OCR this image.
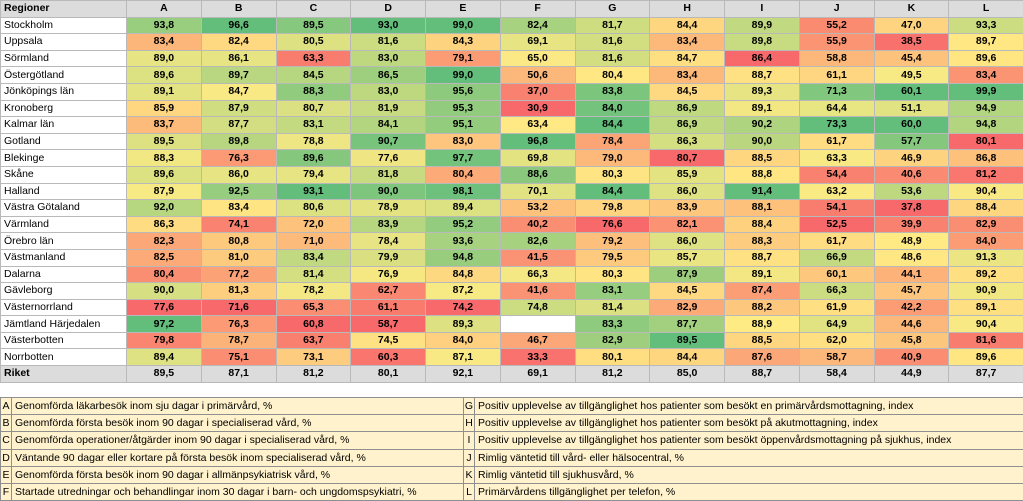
Regioner	A	B	C	D	E	F	G	H	I	J	K	L
Stockholm	93,8	96,6	89,5	93,0	99,0	82,4	81,7	84,4	89,9	55,2	47,0	93,3
Uppsala	83,4	82,4	80,5	81,6	84,3	69,1	81,6	83,4	89,8	55,9	38,5	89,7
Sörmland	89,0	86,1	63,3	83,0	79,1	65,0	81,6	84,7	86,4	58,8	45,4	89,6
Östergötland	89,6	89,7	84,5	86,5	99,0	50,6	80,4	83,4	88,7	61,1	49,5	83,4
Jönköpings län	89,1	84,7	88,3	83,0	95,6	37,0	83,8	84,5	89,3	71,3	60,1	99,9
Kronoberg	85,9	87,9	80,7	81,9	95,3	30,9	84,0	86,9	89,1	64,4	51,1	94,9
Kalmar län	83,7	87,7	83,1	84,1	95,1	63,4	84,4	86,9	90,2	73,3	60,0	94,8
Gotland	89,5	89,8	78,8	90,7	83,0	96,8	78,4	86,3	90,0	61,7	57,7	80,1
Blekinge	88,3	76,3	89,6	77,6	97,7	69,8	79,0	80,7	88,5	63,3	46,9	86,8
Skåne	89,6	86,0	79,4	81,8	80,4	88,6	80,3	85,9	88,8	54,4	40,6	81,2
Halland	87,9	92,5	93,1	90,0	98,1	70,1	84,4	86,0	91,4	63,2	53,6	90,4
Västra Götaland	92,0	83,4	80,6	78,9	89,4	53,2	79,8	83,9	88,1	54,1	37,8	88,4
Värmland	86,3	74,1	72,0	83,9	95,2	40,2	76,6	82,1	88,4	52,5	39,9	82,9
Örebro län	82,3	80,8	71,0	78,4	93,6	82,6	79,2	86,0	88,3	61,7	48,9	84,0
Västmanland	82,5	81,0	83,4	79,9	94,8	41,5	79,5	85,7	88,7	66,9	48,6	91,3
Dalarna	80,4	77,2	81,4	76,9	84,8	66,3	80,3	87,9	89,1	60,1	44,1	89,2
Gävleborg	90,0	81,3	78,2	62,7	87,2	41,6	83,1	84,5	87,4	66,3	45,7	90,9
Västernorrland	77,6	71,6	65,3	61,1	74,2	74,8	81,4	82,9	88,2	61,9	42,2	89,1
Jämtland Härjedalen	97,2	76,3	60,8	58,7	89,3		83,3	87,7	88,9	64,9	44,6	90,4
Västerbotten	79,8	78,7	63,7	74,5	84,0	46,7	82,9	89,5	88,5	62,0	45,8	81,6
Norrbotten	89,4	75,1	73,1	60,3	87,1	33,3	80,1	84,4	87,6	58,7	40,9	89,6
Riket	89,5	87,1	81,2	80,1	92,1	69,1	81,2	85,0	88,7	58,4	44,9	87,7
A	Genomförda läkarbesök inom sju dagar i primärvård, %	G	Positiv upplevelse av tillgänglighet hos patienter som besökt en primärvårdsmottagning, index
B	Genomförda första besök inom 90 dagar i specialiserad vård, %	H	Positiv upplevelse av tillgänglighet hos patienter som besökt på akutmottagning, index
C	Genomförda operationer/åtgärder inom 90 dagar i specialiserad vård, %	I	Positiv upplevelse av tillgänglighet hos patienter som besökt öppenvårdsmottagning på sjukhus, index
D	Väntande 90 dagar eller kortare på första besök inom specialiserad vård, %	J	Rimlig väntetid till vård- eller hälsocentral, %
E	Genomförda första besök inom 90 dagar i allmänpsykiatrisk vård, %	K	Rimlig väntetid till sjukhusvård, %
F	Startade utredningar och behandlingar inom 30 dagar i barn- och ungdomspsykiatri, %	L	Primärvårdens tillgänglighet per telefon, %
